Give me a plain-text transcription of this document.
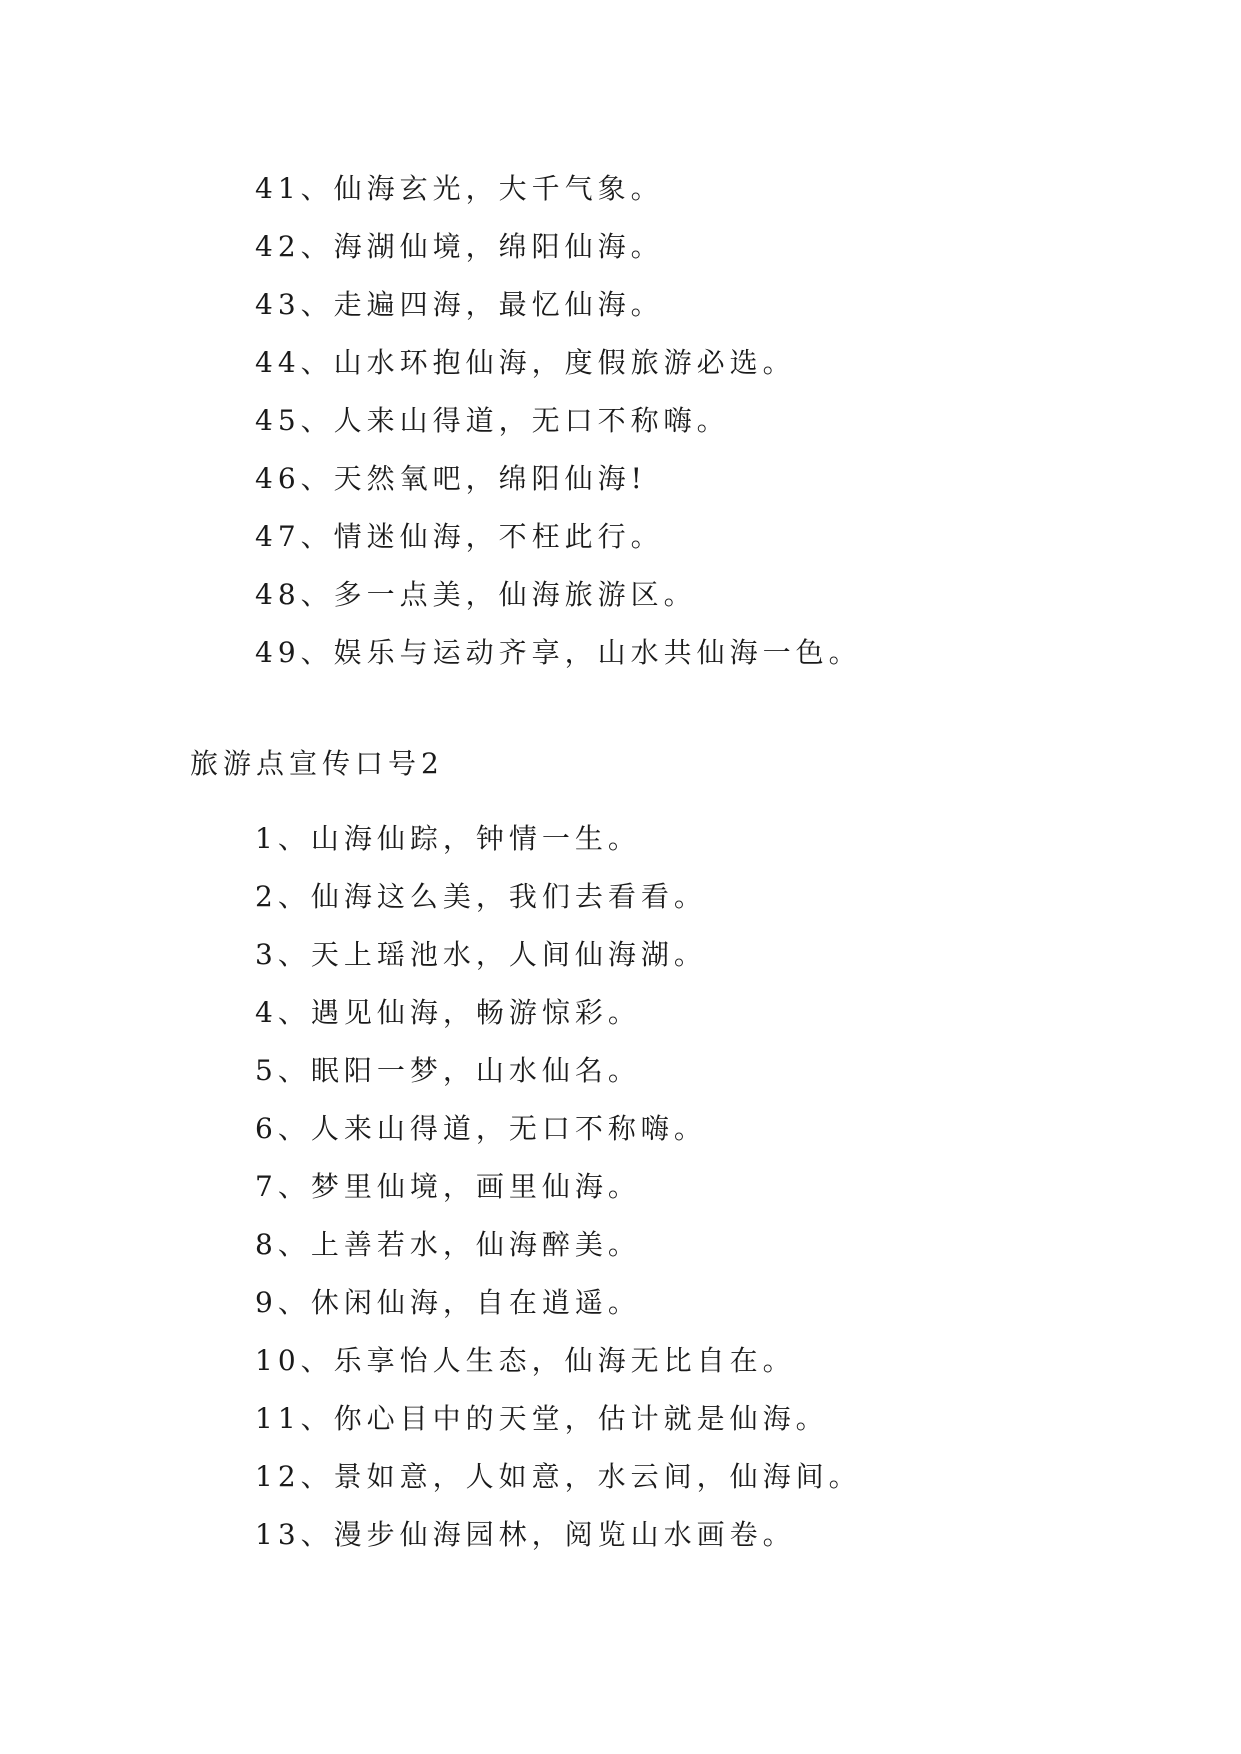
41、仙海玄光，大千气象。
42、海湖仙境，绵阳仙海。
43、走遍四海，最忆仙海。
44、山水环抱仙海，度假旅游必选。
45、人来山得道，无口不称嗨。
46、天然氧吧，绵阳仙海!
47、情迷仙海，不枉此行。
48、多一点美，仙海旅游区。
49、娱乐与运动齐享，山水共仙海一色。
旅游点宣传口号2
1、山海仙踪，钟情一生。
2、仙海这么美，我们去看看。
3、天上瑶池水，人间仙海湖。
4、遇见仙海，畅游惊彩。
5、眠阳一梦，山水仙名。
6、人来山得道，无口不称嗨。
7、梦里仙境，画里仙海。
8、上善若水，仙海醉美。
9、休闲仙海，自在逍遥。
10、乐享怡人生态，仙海无比自在。
11、你心目中的天堂，估计就是仙海。
12、景如意，人如意，水云间，仙海间。
13、漫步仙海园林，阅览山水画卷。
